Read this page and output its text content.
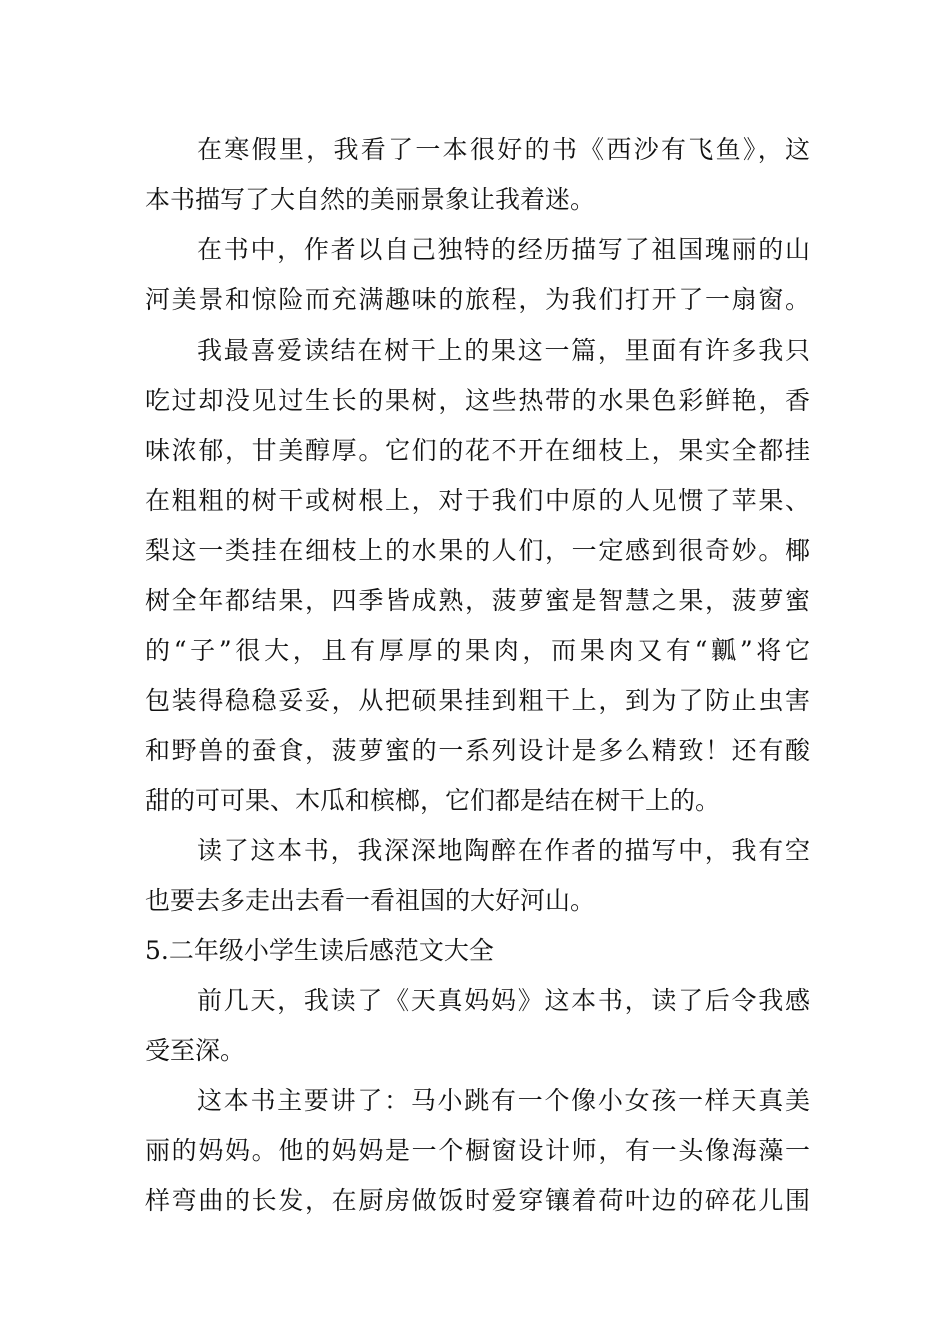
在寒假里，我看了一本很好的书《西沙有飞鱼》，这
本书描写了大自然的美丽景象让我着迷。
在书中，作者以自己独特的经历描写了祖国瑰丽的山
河美景和惊险而充满趣味的旅程，为我们打开了一扇窗。
我最喜爱读结在树干上的果这一篇，里面有许多我只
吃过却没见过生长的果树，这些热带的水果色彩鲜艳，香
味浓郁，甘美醇厚。它们的花不开在细枝上，果实全都挂
在粗粗的树干或树根上，对于我们中原的人见惯了苹果、
梨这一类挂在细枝上的水果的人们，一定感到很奇妙。椰
树全年都结果，四季皆成熟，菠萝蜜是智慧之果，菠萝蜜
的“子”很大，且有厚厚的果肉，而果肉又有“瓤”将它
包装得稳稳妥妥，从把硕果挂到粗干上，到为了防止虫害
和野兽的蚕食，菠萝蜜的一系列设计是多么精致！还有酸
甜的可可果、木瓜和槟榔，它们都是结在树干上的。
读了这本书，我深深地陶醉在作者的描写中，我有空
也要去多走出去看一看祖国的大好河山。
5.二年级小学生读后感范文大全
前几天，我读了《天真妈妈》这本书，读了后令我感
受至深。
这本书主要讲了：马小跳有一个像小女孩一样天真美
丽的妈妈。他的妈妈是一个橱窗设计师，有一头像海藻一
样弯曲的长发，在厨房做饭时爱穿镶着荷叶边的碎花儿围
